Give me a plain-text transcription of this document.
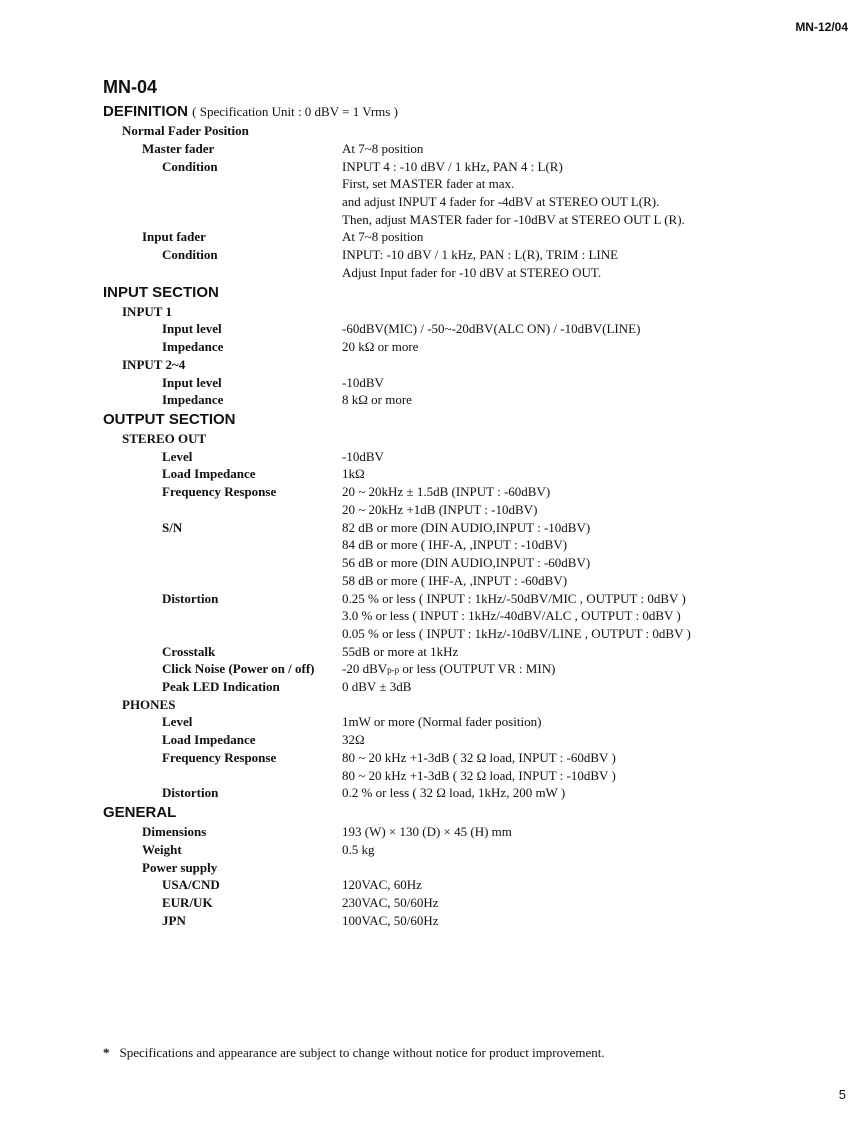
MN-12/04
MN-04
DEFINITION ( Specification Unit : 0 dBV = 1 Vrms )
Normal Fader Position
Master fader	At 7~8 position
Condition	INPUT 4 : -10 dBV / 1 kHz, PAN 4 : L(R)
First, set MASTER fader at max.
and adjust INPUT 4 fader for -4dBV at STEREO OUT L(R).
Then, adjust MASTER fader for -10dBV at STEREO OUT L (R).
Input fader	At 7~8 position
Condition	INPUT: -10 dBV / 1 kHz, PAN : L(R), TRIM : LINE
Adjust Input fader for -10 dBV at STEREO OUT.
INPUT SECTION
INPUT 1
Input level	-60dBV(MIC) / -50~-20dBV(ALC ON) / -10dBV(LINE)
Impedance	20 kΩ or more
INPUT 2~4
Input level	-10dBV
Impedance	8 kΩ or more
OUTPUT SECTION
STEREO OUT
Level	-10dBV
Load Impedance	1kΩ
Frequency Response	20 ~ 20kHz ± 1.5dB (INPUT : -60dBV)
20 ~ 20kHz +1dB (INPUT : -10dBV)
S/N	82 dB or more (DIN AUDIO,INPUT : -10dBV)
84 dB or more ( IHF-A, ,INPUT : -10dBV)
56 dB or more (DIN AUDIO,INPUT : -60dBV)
58 dB or more ( IHF-A, ,INPUT : -60dBV)
Distortion	0.25 % or less ( INPUT : 1kHz/-50dBV/MIC , OUTPUT : 0dBV )
3.0 % or less ( INPUT : 1kHz/-40dBV/ALC , OUTPUT : 0dBV )
0.05 % or less ( INPUT : 1kHz/-10dBV/LINE , OUTPUT : 0dBV )
Crosstalk	55dB or more at 1kHz
Click Noise (Power on / off) -20 dBVp-p or less (OUTPUT VR : MIN)
Peak LED Indication	0 dBV ± 3dB
PHONES
Level	1mW or more (Normal fader position)
Load Impedance	32Ω
Frequency Response	80 ~ 20 kHz +1-3dB ( 32 Ω load, INPUT : -60dBV )
80 ~ 20 kHz +1-3dB ( 32 Ω load, INPUT : -10dBV )
Distortion	0.2 % or less ( 32 Ω load, 1kHz, 200 mW )
GENERAL
Dimensions	193 (W) × 130 (D) × 45 (H) mm
Weight	0.5 kg
Power supply
USA/CND	120VAC, 60Hz
EUR/UK	230VAC, 50/60Hz
JPN	100VAC, 50/60Hz
* Specifications and appearance are subject to change without notice for product improvement.
5
